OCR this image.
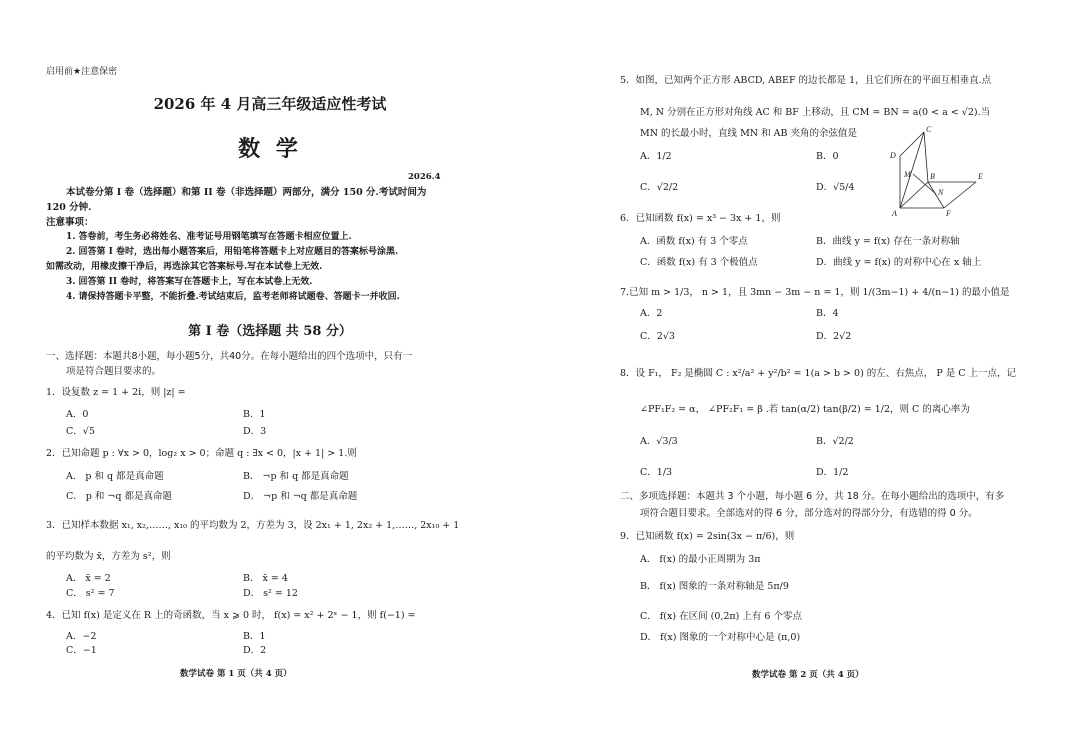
启用前★注意保密
2026 年 4 月高三年级适应性考试
数 学
2026.4
本试卷分第 I 卷（选择题）和第 II 卷（非选择题）两部分，满分 150 分.考试时间为
120 分钟.
注意事项：
1. 答卷前，考生务必将姓名、准考证号用钢笔填写在答题卡相应位置上.
2. 回答第 I 卷时，选出每小题答案后，用铅笔将答题卡上对应题目的答案标号涂黑.
如需改动，用橡皮擦干净后，再选涂其它答案标号.写在本试卷上无效.
3. 回答第 II 卷时，将答案写在答题卡上，写在本试卷上无效.
4. 请保持答题卡平整，不能折叠.考试结束后，监考老师将试题卷、答题卡一并收回.
第 I 卷（选择题 共 58 分）
一、选择题：本题共8小题，每小题5分，共40分。在每小题给出的四个选项中，只有一
项是符合题目要求的。
1．设复数 z = 1 + 2i，则 |z| =
A．0	B．1
C．√5	D．3
2．已知命题 p : ∀x > 0，log₂ x > 0；命题 q : ∃x < 0，|x + 1| > 1.则
A． p 和 q 都是真命题	B． ¬p 和 q 都是真命题
C． p 和 ¬q 都是真命题	D． ¬p 和 ¬q 都是真命题
3．已知样本数据 x₁, x₂,……, x₁₀ 的平均数为 2，方差为 3，设 2x₁ + 1, 2x₂ + 1,……, 2x₁₀ + 1
的平均数为 x̄，方差为 s²，则
A． x̄ = 2	B． x̄ = 4
C． s² = 7	D． s² = 12
4．已知 f(x) 是定义在 R 上的奇函数，当 x ⩾ 0 时， f(x) = x² + 2ˣ − 1，则 f(−1) =
A．−2	B．1
C．−1	D．2
数学试卷 第 1 页（共 4 页）
5．如图，已知两个正方形 ABCD, ABEF 的边长都是 1，且它们所在的平面互相垂直.点
M, N 分别在正方形对角线 AC 和 BF 上移动，且 CM = BN = a(0 < a < √2).当
MN 的长最小时，直线 MN 和 AB 夹角的余弦值是
A．1/2	B．0
C．√2/2	D．√5/4
C
D
M B	E
N
A	F
6．已知函数 f(x) = x³ − 3x + 1，则
A．函数 f(x) 有 3 个零点	B．曲线 y = f(x) 存在一条对称轴
C．函数 f(x) 有 3 个极值点	D．曲线 y = f(x) 的对称中心在 x 轴上
7.已知 m > 1/3， n > 1，且 3mn − 3m − n = 1，则 1/(3m−1) + 4/(n−1) 的最小值是
A．2	B．4
C．2√3	D．2√2
8．设 F₁， F₂ 是椭圆 C : x²/a² + y²/b² = 1(a > b > 0) 的左、右焦点， P 是 C 上一点，记
∠PF₁F₂ = α， ∠PF₂F₁ = β .若 tan(α/2) tan(β/2) = 1/2，则 C 的离心率为
A．√3/3	B．√2/2
C．1/3	D．1/2
二、多项选择题：本题共 3 个小题，每小题 6 分，共 18 分。在每小题给出的选项中，有多
项符合题目要求。全部选对的得 6 分，部分选对的得部分分，有选错的得 0 分。
9．已知函数 f(x) = 2sin(3x − π/6)，则
A． f(x) 的最小正周期为 3π
B． f(x) 图象的一条对称轴是 5π/9
C． f(x) 在区间 (0,2π) 上有 6 个零点
D． f(x) 图象的一个对称中心是 (π,0)
数学试卷 第 2 页（共 4 页）
